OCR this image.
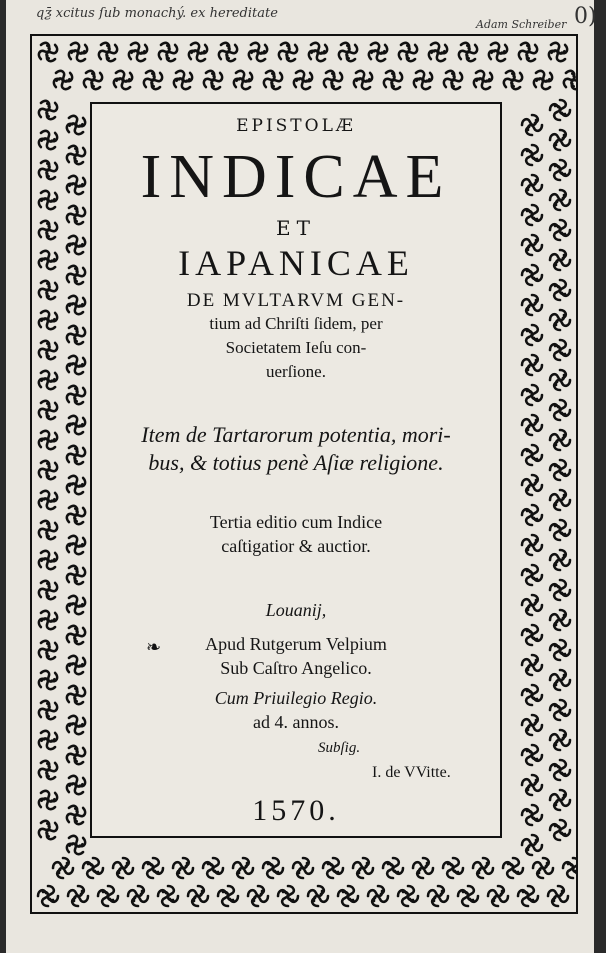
qƺ̄ xcitus ſub monachý. ex hereditate
Adam Schreiber 0)
EPISTOLÆ
INDICAE
ET
IAPANICAE
DE MVLTARVM GEN-
tium ad Chriſti ſidem, per
Societatem Ieſu con-
uerſione.
Item de Tartarorum potentia, mori-
bus, & totius penè Aſiæ religione.
Tertia editio cum Indice
caſtigatior & auctior.
Louanij,
❧	Apud Rutgerum Velpium
Sub Caſtro Angelico.
Cum Priuilegio Regio.
ad 4. annos.
Subſig.
I. de VVitte.
1570.
